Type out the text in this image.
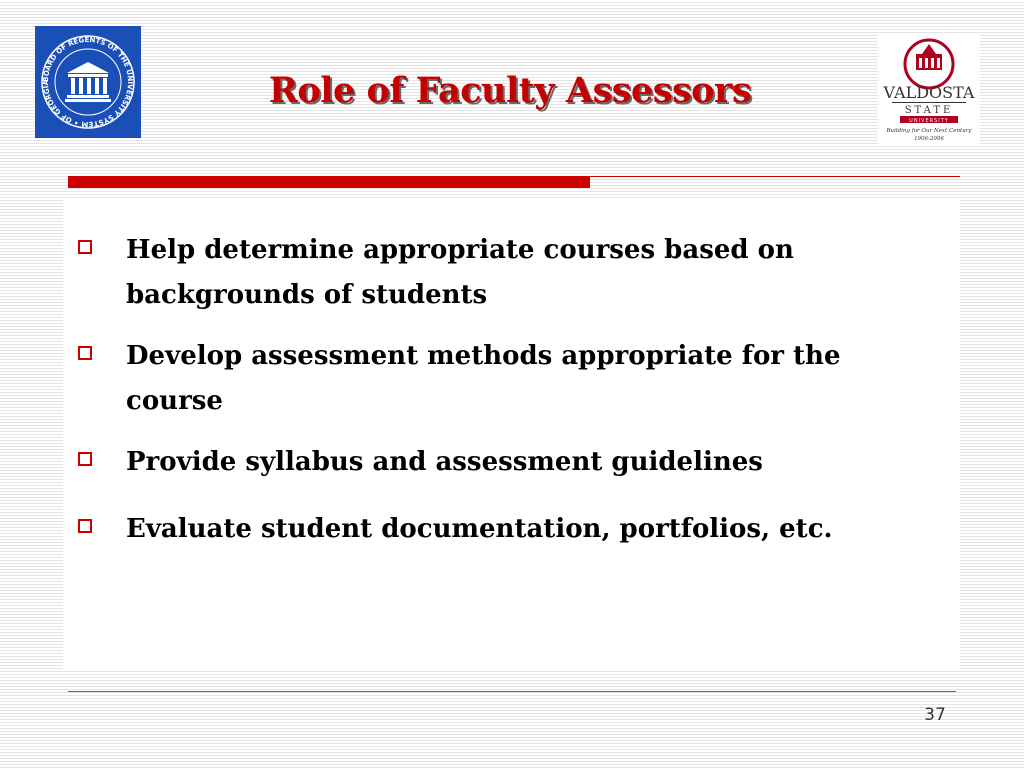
BOARD OF REGENTS OF THE UNIVERSITY SYSTEM • OF GEORGIA	Role of Faculty Assessors	VALDOSTA
STATE
UNIVERSITY
Building for Our Next Century
1906-2006
Help determine appropriate courses based on backgrounds of students
Develop assessment methods appropriate for the course
Provide syllabus and assessment guidelines
Evaluate student documentation, portfolios, etc.
37
